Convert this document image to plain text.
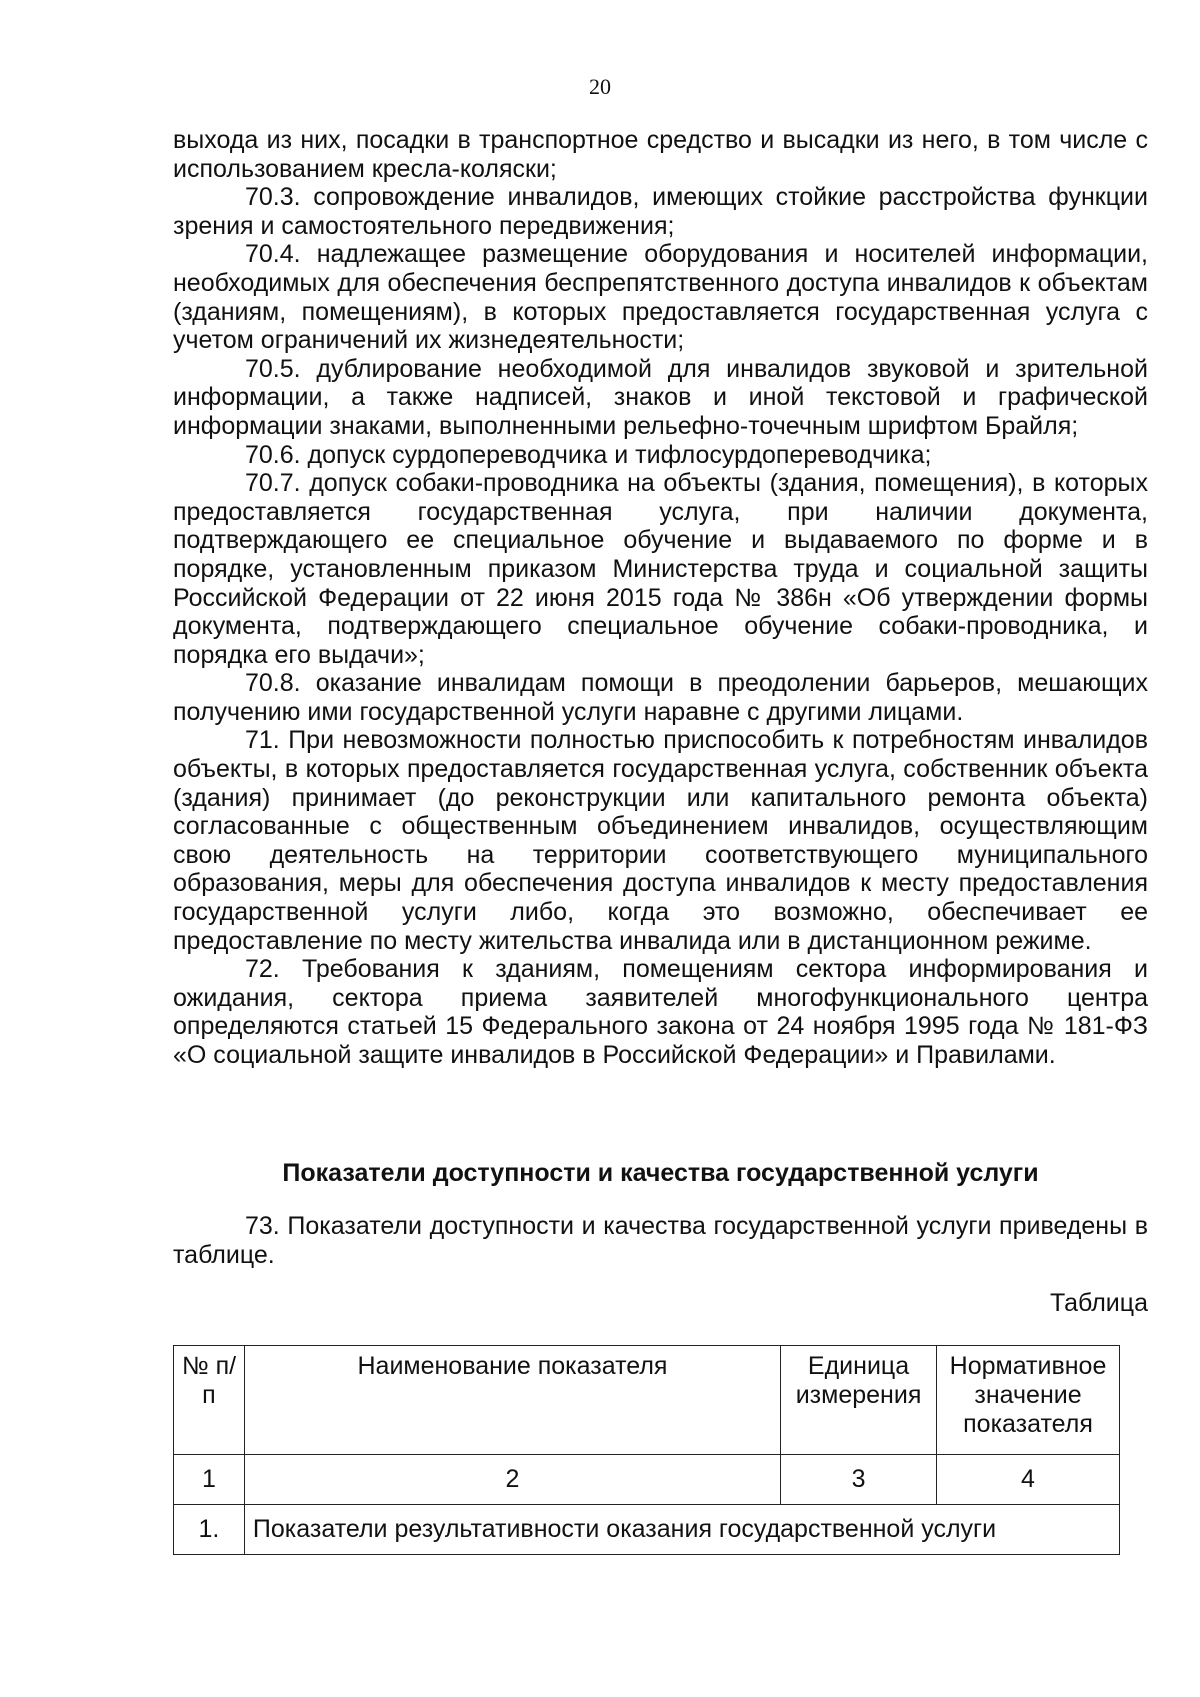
20

выхода из них, посадки в транспортное средство и высадки из него, в том числе с использованием кресла-коляски;

70.3. сопровождение инвалидов, имеющих стойкие расстройства функции зрения и самостоятельного передвижения;

70.4. надлежащее размещение оборудования и носителей информации, необходимых для обеспечения беспрепятственного доступа инвалидов к объектам (зданиям, помещениям), в которых предоставляется государственная услуга с учетом ограничений их жизнедеятельности;

70.5. дублирование необходимой для инвалидов звуковой и зрительной информации, а также надписей, знаков и иной текстовой и графической информации знаками, выполненными рельефно-точечным шрифтом Брайля;

70.6. допуск сурдопереводчика и тифлосурдопереводчика;

70.7. допуск собаки-проводника на объекты (здания, помещения), в которых предоставляется государственная услуга, при наличии документа, подтверждающего ее специальное обучение и выдаваемого по форме и в порядке, установленным приказом Министерства труда и социальной защиты Российской Федерации от 22 июня 2015 года № 386н «Об утверждении формы документа, подтверждающего специальное обучение собаки-проводника, и порядка его выдачи»;

70.8. оказание инвалидам помощи в преодолении барьеров, мешающих получению ими государственной услуги наравне с другими лицами.

71. При невозможности полностью приспособить к потребностям инвалидов объекты, в которых предоставляется государственная услуга, собственник объекта (здания) принимает (до реконструкции или капитального ремонта объекта) согласованные с общественным объединением инвалидов, осуществляющим свою деятельность на территории соответствующего муниципального образования, меры для обеспечения доступа инвалидов к месту предоставления государственной услуги либо, когда это возможно, обеспечивает ее предоставление по месту жительства инвалида или в дистанционном режиме.

72. Требования к зданиям, помещениям сектора информирования и ожидания, сектора приема заявителей многофункционального центра определяются статьей 15 Федерального закона от 24 ноября 1995 года № 181-ФЗ «О социальной защите инвалидов в Российской Федерации» и Правилами.

Показатели доступности и качества государственной услуги

73. Показатели доступности и качества государственной услуги приведены в таблице.

Таблица
№ п/п	Наименование показателя	Единица измерения	Нормативное значение показателя
1	2	3	4
1.	Показатели результативности оказания государственной услуги		
